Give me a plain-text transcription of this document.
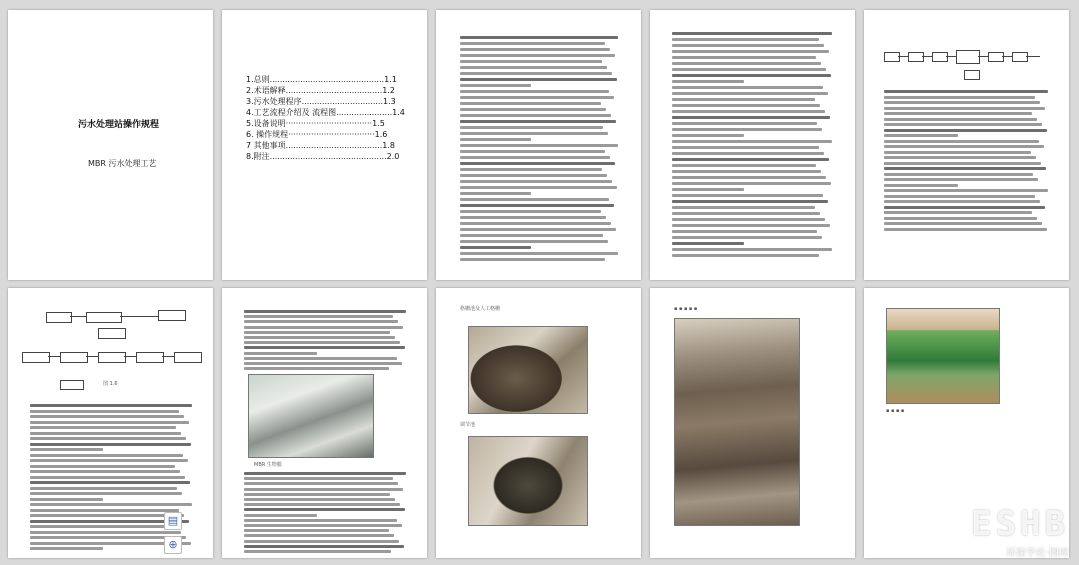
污水处理站操作规程
MBR 污水处理工艺
1.总则.............................................1.1
2.术语解释......................................1.2
3.污水处理程序................................1.3
4.工艺流程介绍及 流程图......................1.4
5.设备说明··································1.5
6. 操作规程··································1.6
7 其他事项......................................1.8
8.附注..............................................2.0
图 1.6
MBR 生物膜
▤
⊕
格栅池及人工格栅
调节池
▪ ▪ ▪ ▪ ▪
▪ ▪ ▪ ▪
ESHB
环保学社·图库
